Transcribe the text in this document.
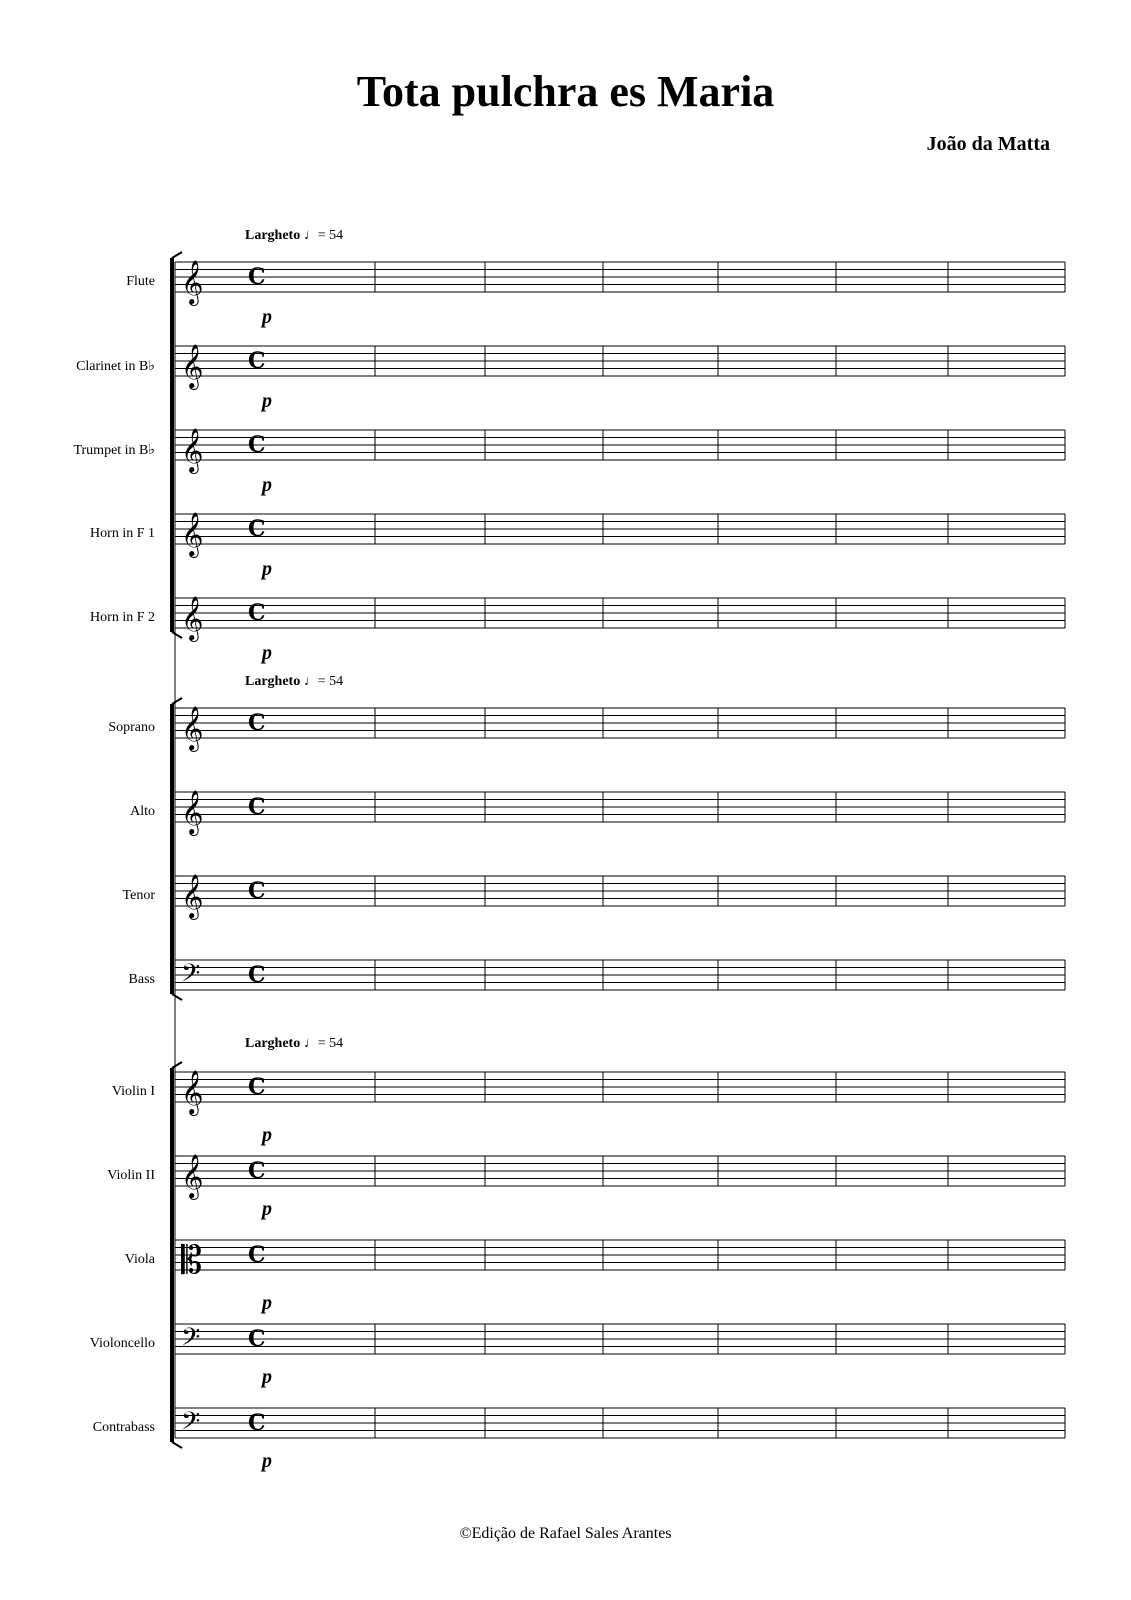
Tota pulchra es Maria
João da Matta
Largheto ♩= 54
Largheto ♩= 54
Largheto ♩= 54
Flute
Clarinet in B♭
Trumpet in B♭
Horn in F 1
Horn in F 2
Soprano
Alto
Tenor
Bass
Violin I
Violin II
Viola
Violoncello
Contrabass
p
p
p
p
p
p
p
p
p
p
𝄞 C
𝄞 C
𝄞 C
𝄞 C
𝄞 C
𝄞 C
𝄞 C
𝄞 C
𝄢 C
𝄞 C
𝄞 C
𝄡 C
𝄢 C
𝄢 C
©Edição de Rafael Sales Arantes
